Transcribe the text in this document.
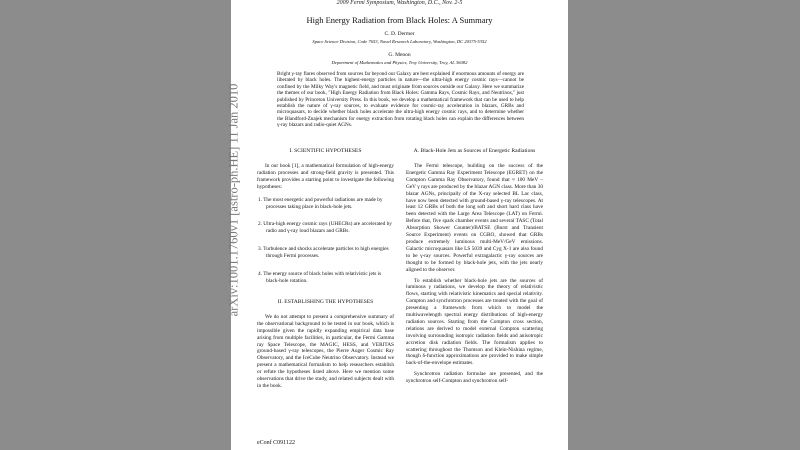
2009 Fermi Symposium, Washington, D.C., Nov. 2-5
High Energy Radiation from Black Holes: A Summary
C. D. Dermer
Space Science Division, Code 7653, Naval Research Laboratory, Washington, DC 20375-5352
G. Menon
Department of Mathematics and Physics, Troy University, Troy, AL 36082

Bright γ-ray flares observed from sources far beyond our Galaxy are best explained if enormous amounts of energy are liberated by black holes. The highest-energy particles in nature—the ultra-high energy cosmic rays—cannot be confined by the Milky Way's magnetic field, and must originate from sources outside our Galaxy. Here we summarize the themes of our book, "High Energy Radiation from Black Holes: Gamma Rays, Cosmic Rays, and Neutrinos," just published by Princeton University Press. In this book, we develop a mathematical framework that can be used to help establish the nature of γ-ray sources, to evaluate evidence for cosmic-ray acceleration in blazars, GRBs and microquasars, to decide whether black holes accelerate the ultra-high energy cosmic rays, and to determine whether the Blandford-Znajek mechanism for energy extraction from rotating black holes can explain the differences between γ-ray blazars and radio-quiet AGNs.

I. SCIENTIFIC HYPOTHESES

In our book [1], a mathematical formulation of high-energy radiation processes and strong-field gravity is presented. This framework provides a starting point to investigate the following hypotheses:

1. The most energetic and powerful radiations are made by processes taking place in black-hole jets.
2. Ultra-high energy cosmic rays (UHECRs) are accelerated by radio and γ-ray loud blazars and GRBs.
3. Turbulence and shocks accelerate particles to high energies through Fermi processes.
4. The energy source of black holes with relativistic jets is black-hole rotation.
II. ESTABLISHING THE HYPOTHESES

We do not attempt to present a comprehensive summary of the observational background to be tested in our book, which is impossible given the rapidly expanding empirical data base arising from multiple facilities, in particular, the Fermi Gamma ray Space Telescope, the MAGIC, HESS, and VERITAS ground-based γ-ray telescopes, the Pierre Auger Cosmic Ray Observatory, and the IceCube Neutrino Observatory. Instead we present a mathematical formalism to help researchers establish or refute the hypotheses listed above. Here we mention some observations that drive the study, and related subjects dealt with in the book.

A. Black-Hole Jets as Sources of Energetic Radiations

The Fermi telescope, building on the success of the Energetic Gamma Ray Experiment Telescope (EGRET) on the Compton Gamma Ray Observatory, found that ≈ 100 MeV – GeV γ rays are produced by the blazar AGN class. More than 30 blazar AGNs, principally of the X-ray selected BL Lac class, have now been detected with ground-based γ-ray telescopes. At least 12 GRBs of both the long soft and short hard class have been detected with the Large Area Telescope (LAT) on Fermi. Before that, five spark chamber events and several TASC (Total Absorption Shower Counter)/BATSE (Burst and Transient Source Experiment) events on CGRO, showed that GRBs produce extremely luminous multi-MeV/GeV emissions. Galactic microquasars like LS 5039 and Cyg X-1 are also found to be γ-ray sources. Powerful extragalactic γ-ray sources are thought to be formed by black-hole jets, with the jets nearly aligned to the observer.

To establish whether black-hole jets are the sources of luminous γ radiations, we develop the theory of relativistic flows, starting with relativistic kinematics and special relativity. Compton and synchrotron processes are treated with the goal of presenting a framework from which to model the multiwavelength spectral energy distributions of high-energy radiation sources. Starting from the Compton cross section, relations are derived to model external Compton scattering involving surrounding isotropic radiation fields and anisotropic accretion disk radiation fields. The formalism applies to scattering throughout the Thomson and Klein-Nishina regime, though δ-function approximations are provided to make simple back-of-the-envelope estimates.

Synchrotron radiation formulae are presented, and the synchrotron self-Compton and synchrotron self-

eConf C091122
arXiv:1001.1760v1 [astro-ph.HE] 11 Jan 2010
